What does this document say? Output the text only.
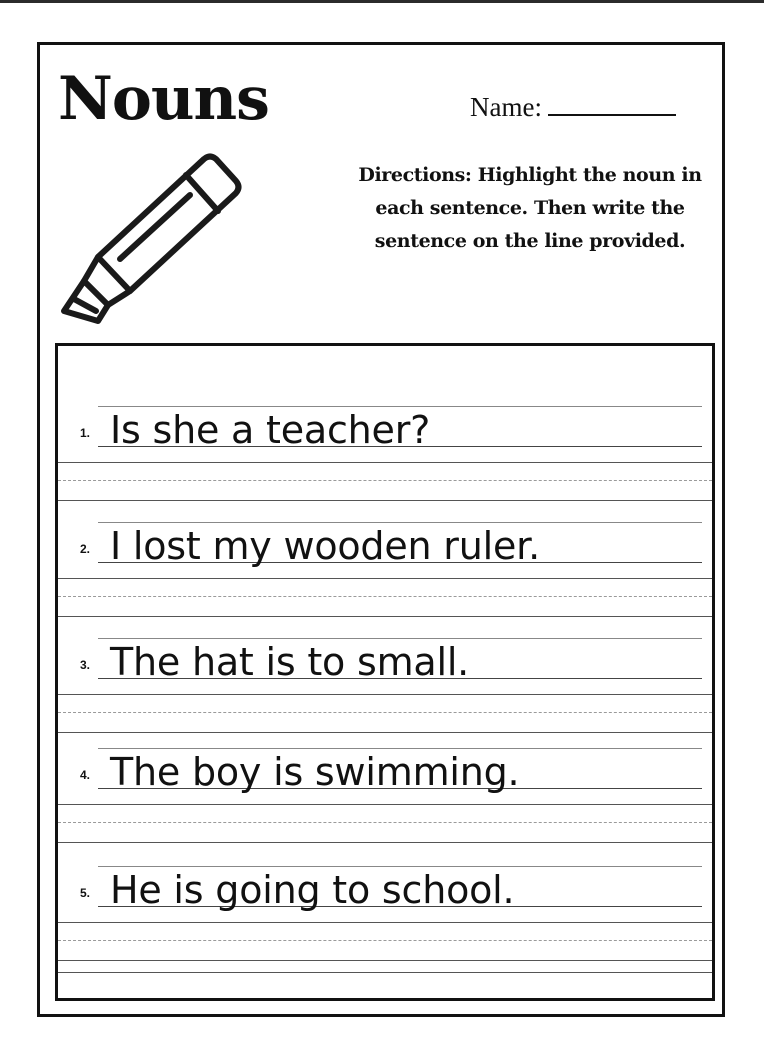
Nouns	Name:
Directions: Highlight the noun in each sentence. Then write the sentence on the line provided.
1. Is she a teacher?
2. I lost my wooden ruler.
3. The hat is to small.
4. The boy is swimming.
5. He is going to school.
